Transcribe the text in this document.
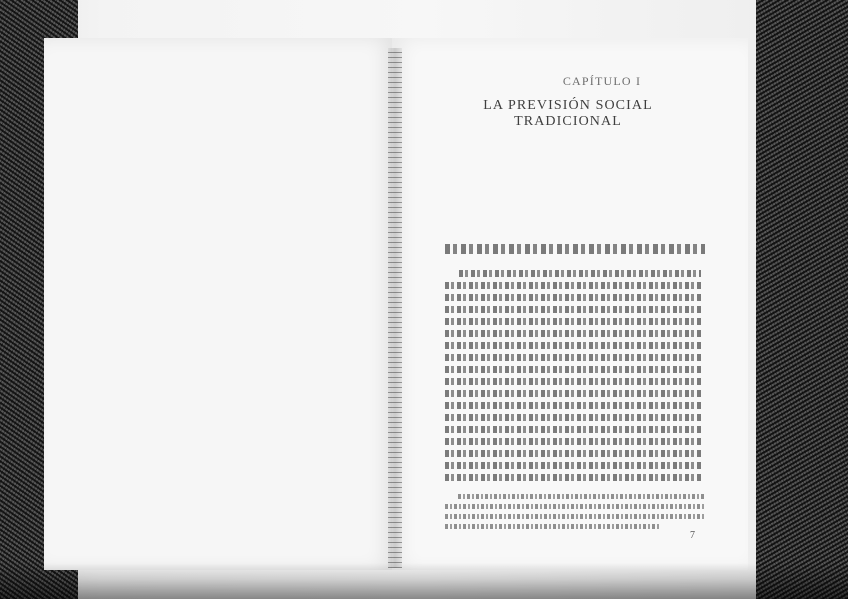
CAPÍTULO I
LA PREVISIÓN SOCIAL TRADICIONAL
7
